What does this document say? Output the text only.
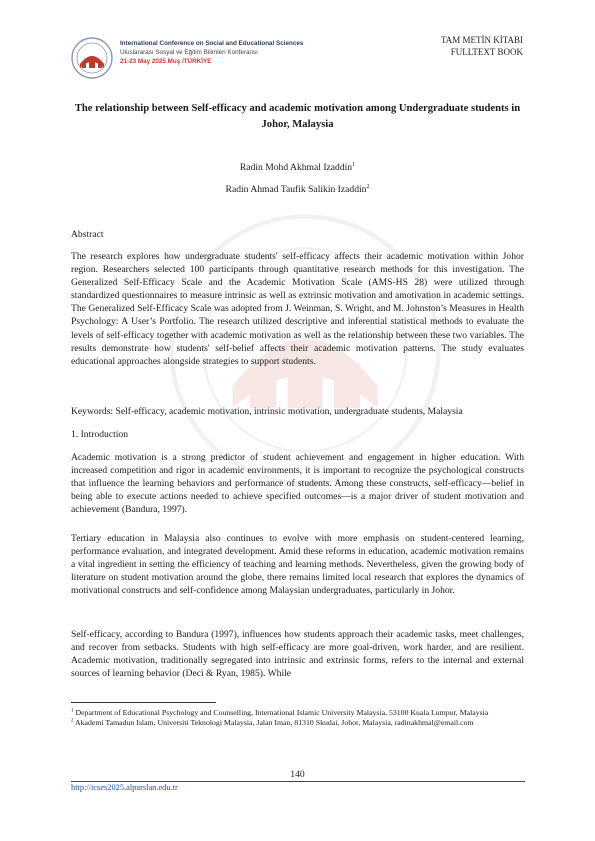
International Conference on Social and Educational Sciences
Uluslararası Sosyal ve Eğitim Bilimleri Konferansı
21-23 May 2025 Muş /TÜRKİYE
TAM METİN KİTABI
FULLTEXT BOOK
The relationship between Self-efficacy and academic motivation among Undergraduate students in Johor, Malaysia
Radin Mohd Akhmal Izaddin$^1$
Radin Ahmad Taufik Salikin Izaddin$^2$
Abstract
The research explores how undergraduate students' self-efficacy affects their academic motivation within Johor region. Researchers selected 100 participants through quantitative research methods for this investigation. The Generalized Self-Efficacy Scale and the Academic Motivation Scale (AMS-HS 28) were utilized through standardized questionnaires to measure intrinsic as well as extrinsic motivation and amotivation in academic settings. The Generalized Self-Efficacy Scale was adopted from J. Weinman, S. Wright, and M. Johnston’s Measures in Health Psychology: A User’s Portfolio. The research utilized descriptive and inferential statistical methods to evaluate the levels of self-efficacy together with academic motivation as well as the relationship between these two variables. The results demonstrate how students' self-belief affects their academic motivation patterns. The study evaluates educational approaches alongside strategies to support students.
Keywords: Self-efficacy, academic motivation, intrinsic motivation, undergraduate students, Malaysia
1. Introduction
Academic motivation is a strong predictor of student achievement and engagement in higher education. With increased competition and rigor in academic environments, it is important to recognize the psychological constructs that influence the learning behaviors and performance of students. Among these constructs, self-efficacy—belief in being able to execute actions needed to achieve specified outcomes—is a major driver of student motivation and achievement (Bandura, 1997).
Tertiary education in Malaysia also continues to evolve with more emphasis on student-centered learning, performance evaluation, and integrated development. Amid these reforms in education, academic motivation remains a vital ingredient in setting the efficiency of teaching and learning methods. Nevertheless, given the growing body of literature on student motivation around the globe, there remains limited local research that explores the dynamics of motivational constructs and self-confidence among Malaysian undergraduates, particularly in Johor.
Self-efficacy, according to Bandura (1997), influences how students approach their academic tasks, meet challenges, and recover from setbacks. Students with high self-efficacy are more goal-driven, work harder, and are resilient. Academic motivation, traditionally segregated into intrinsic and extrinsic forms, refers to the internal and external sources of learning behavior (Deci & Ryan, 1985). While

$^1$ Department of Educational Psychology and Counselling, International Islamic University Malaysia, 53100 Kuala Lumpur, Malaysia

$^2$ Akademi Tamadun Islam, Universiti Teknologi Malaysia, Jalan Iman, 81310 Skudai, Johor, Malaysia, radinakhmal@email.com

140
http://icses2025.alparslan.edu.tr
